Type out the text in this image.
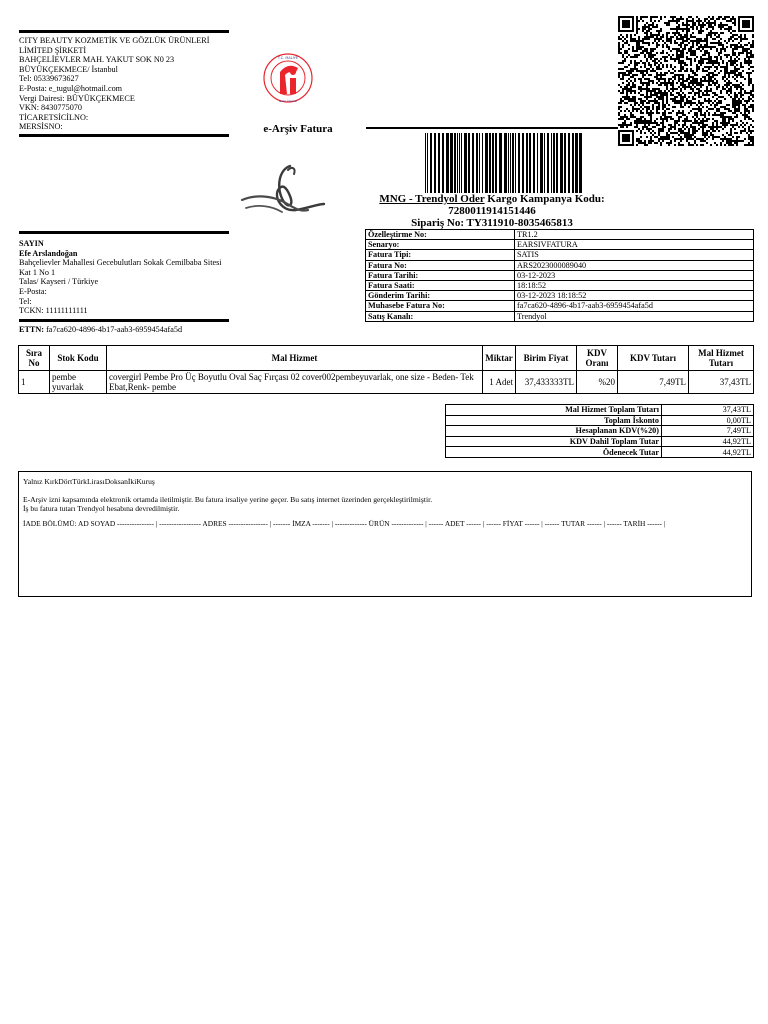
CITY BEAUTY KOZMETİK VE GÖZLÜK ÜRÜNLERİ
LİMİTED ŞİRKETİ
BAHÇELİEVLER MAH. YAKUT SOK N0 23
BÜYÜKÇEKMECE/ İstanbul
Tel: 05339673627
E-Posta: e_tugul@hotmail.com
Vergi Dairesi: BÜYÜKÇEKMECE
VKN: 8430775070
TİCARETSİCİLNO:
MERSİSNO:
T.C. MALİYE
Gelir İdaresi
e-Arşiv Fatura
MNG - Trendyol Oder Kargo Kampanya Kodu:
7280011914151446
Sipariş No: TY311910-8035465813
SAYIN
Efe Arslandoğan
Bahçelievler Mahallesi Gecebulutları Sokak Cemilbaba Sitesi
Kat 1 No 1
Talas/ Kayseri / Türkiye
E-Posta:
Tel:
TCKN: 11111111111
ETTN: fa7ca620-4896-4b17-aab3-6959454afa5d
Özelleştirme No:	TR1.2
Senaryo:	EARSIVFATURA
Fatura Tipi:	SATIS
Fatura No:	ARS2023000089040
Fatura Tarihi:	03-12-2023
Fatura Saati:	18:18:52
Gönderim Tarihi:	03-12-2023 18:18:52
Muhasebe Fatura No:	fa7ca620-4896-4b17-aab3-6959454afa5d
Satış Kanalı:	Trendyol
Sıra No	Stok Kodu	Mal Hizmet	Miktar	Birim Fiyat	KDV Oranı	KDV Tutarı	Mal Hizmet Tutarı
1	pembe yuvarlak	covergirl Pembe Pro Üç Boyutlu Oval Saç Fırçası 02 cover002pembeyuvarlak, one size - Beden- Tek Ebat,Renk- pembe	1 Adet	37,433333TL	%20	7,49TL	37,43TL
Mal Hizmet Toplam Tutarı	37,43TL
Toplam İskonto	0,00TL
Hesaplanan KDV(%20)	7,49TL
KDV Dahil Toplam Tutar	44,92TL
Ödenecek Tutar	44,92TL

Yalnız KırkDörtTürkLirasıDoksanİkiKuruş

E-Arşiv izni kapsamında elektronik ortamda iletilmiştir. Bu fatura irsaliye yerine geçer. Bu satış internet üzerinden gerçekleştirilmiştir.

İş bu fatura tutarı Trendyol hesabına devredilmiştir.

İADE BÖLÜMÜ: AD SOYAD --------------- | ----------------- ADRES ---------------- | ------- İMZA ------- | ------------- ÜRÜN ------------- | ------ ADET ------ | ------ FİYAT ------ | ------ TUTAR ------ | ------ TARİH ------ |
